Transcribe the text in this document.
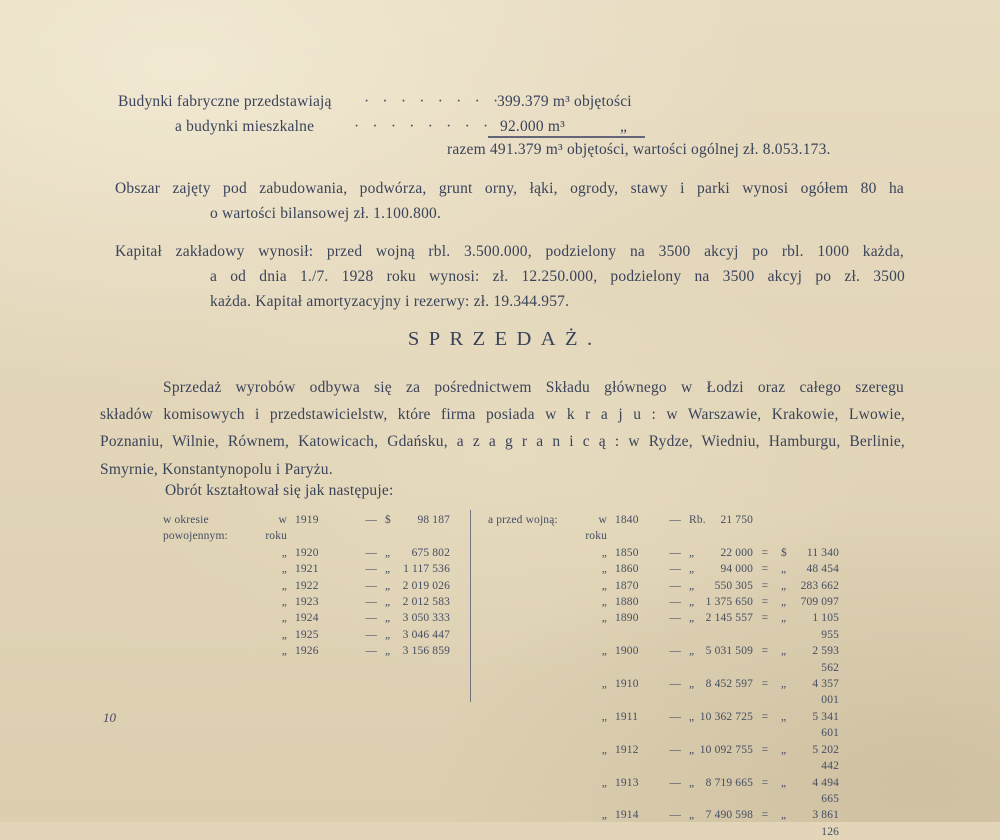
Budynki fabryczne przedstawiają · · · · · · · ·
399.379 m³ objętości
a budynki mieszkalne	· · · · · · · · 92.000 m³	„
razem 491.379 m³ objętości, wartości ogólnej zł. 8.053.173.
Obszar zajęty pod zabudowania, podwórza, grunt orny, łąki, ogrody, stawy i parki wynosi ogółem 80 ha
o wartości bilansowej zł. 1.100.800.
Kapitał zakładowy wynosił: przed wojną rbl. 3.500.000, podzielony na 3500 akcyj po rbl. 1000 każda,
a od dnia 1./7. 1928 roku wynosi: zł. 12.250.000, podzielony na 3500 akcyj po zł. 3500
każda. Kapitał amortyzacyjny i rezerwy: zł. 19.344.957.
SPRZEDAŻ.
Sprzedaż wyrobów odbywa się za pośrednictwem Składu głównego w Łodzi oraz całego szeregu
składów komisowych i przedstawicielstw, które firma posiada w k r a j u : w Warszawie, Krakowie, Lwowie,
Poznaniu, Wilnie, Równem, Katowicach, Gdańsku, a z a g r a n i c ą : w Rydze, Wiedniu, Hamburgu, Berlinie,
Smyrnie, Konstantynopolu i Paryżu.
Obrót kształtował się jak następuje:
w okresie powojennym:
w roku
1919	— $	98 187
„ 1920	— „	675 802
„ 1921	— „	1 117 536
„ 1922	— „	2 019 026
„ 1923	— „	2 012 583
„ 1924	— „	3 050 333
„ 1925	— „	3 046 447
„ 1926	— „	3 156 859
a przed wojną:	w roku
1840	— Rb.	21 750
„ 1850	— „	22 000 =	$	11 340
„ 1860	— „	94 000 =	„	48 454
„ 1870	— „	550 305 =	„	283 662
„ 1880	— „ 1 375 650 =	„	709 097
„ 1890	— „ 2 145 557 =	„	1 105 955
„ 1900	— „ 5 031 509 =	„	2 593 562
„ 1910	— „ 8 452 597 =	„	4 357 001
„ 1911	— „ 10 362 725 =	„	5 341 601
„ 1912	— „ 10 092 755 =	„	5 202 442
„ 1913	— „ 8 719 665 =	„	4 494 665
„ 1914	— „ 7 490 598 =	„	3 861 126
10
